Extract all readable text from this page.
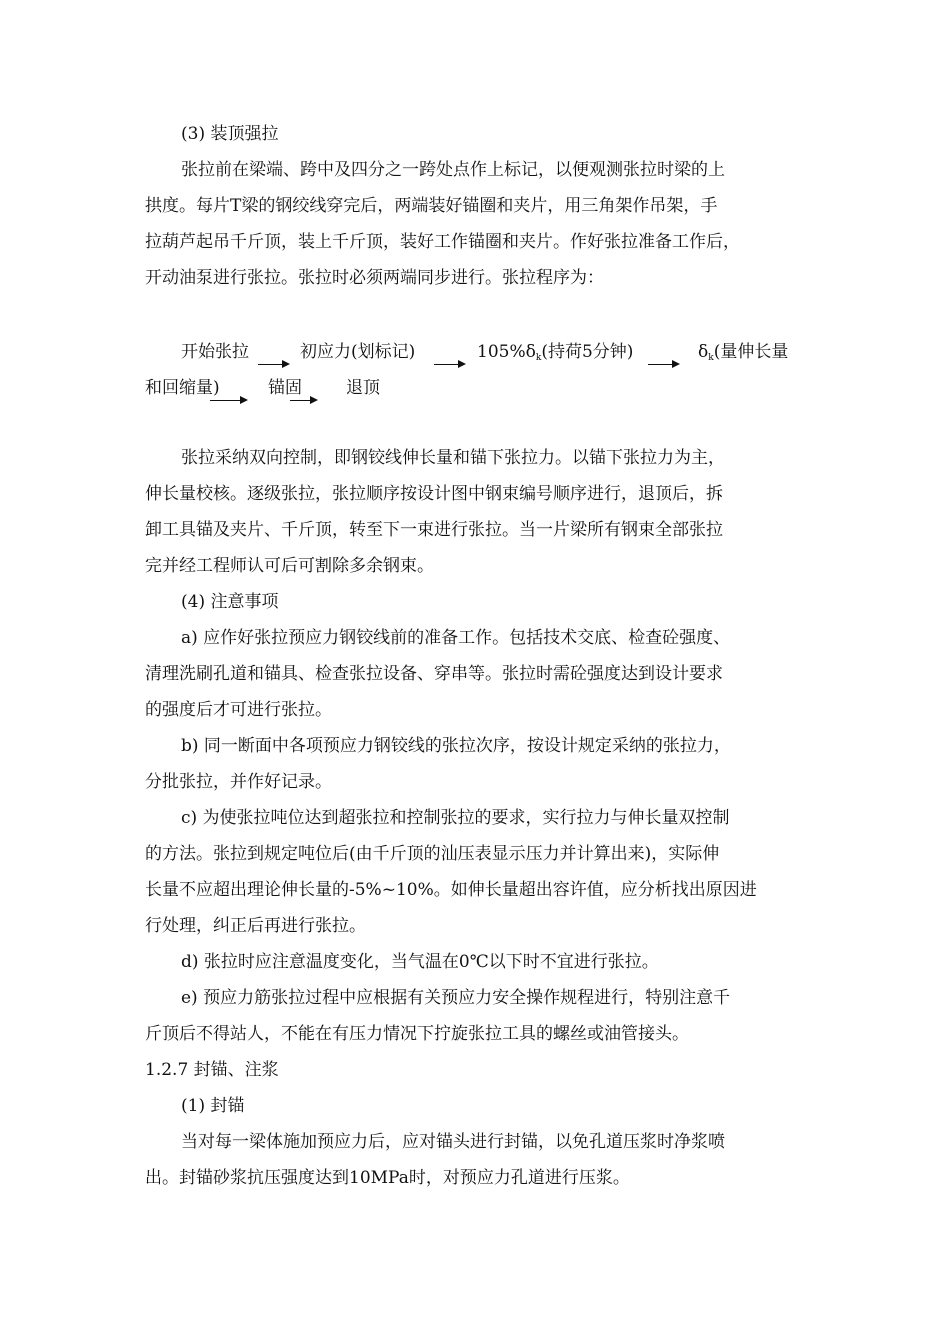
(3) 装顶强拉
张拉前在梁端、跨中及四分之一跨处点作上标记，以便观测张拉时梁的上
拱度。每片T梁的钢绞线穿完后，两端装好锚圈和夹片，用三角架作吊架，手
拉葫芦起吊千斤顶，装上千斤顶，装好工作锚圈和夹片。作好张拉准备工作后，
开动油泵进行张拉。张拉时必须两端同步进行。张拉程序为：
开始张拉	初应力(划标记)	$105\%\delta_k$(持荷5分钟)	$\delta_k$(量伸长量
和回缩量)	锚固	退顶
张拉采纳双向控制，即钢铰线伸长量和锚下张拉力。以锚下张拉力为主，
伸长量校核。逐级张拉，张拉顺序按设计图中钢束编号顺序进行，退顶后，拆
卸工具锚及夹片、千斤顶，转至下一束进行张拉。当一片梁所有钢束全部张拉
完并经工程师认可后可割除多余钢束。
(4) 注意事项
a) 应作好张拉预应力钢铰线前的准备工作。包括技术交底、检查砼强度、
清理洗刷孔道和锚具、检查张拉设备、穿串等。张拉时需砼强度达到设计要求
的强度后才可进行张拉。
b) 同一断面中各项预应力钢铰线的张拉次序，按设计规定采纳的张拉力，
分批张拉，并作好记录。
c) 为使张拉吨位达到超张拉和控制张拉的要求，实行拉力与伸长量双控制
的方法。张拉到规定吨位后(由千斤顶的汕压表显示压力并计算出来)，实际伸
长量不应超出理论伸长量的-5%~10%。如伸长量超出容许值，应分析找出原因进
行处理，纠正后再进行张拉。
d) 张拉时应注意温度变化，当气温在0℃以下时不宜进行张拉。
e) 预应力筋张拉过程中应根据有关预应力安全操作规程进行，特别注意千
斤顶后不得站人，不能在有压力情况下拧旋张拉工具的螺丝或油管接头。
1.2.7 封锚、注浆
(1) 封锚
当对每一梁体施加预应力后，应对锚头进行封锚，以免孔道压浆时净浆喷
出。封锚砂浆抗压强度达到10MPa时，对预应力孔道进行压浆。
